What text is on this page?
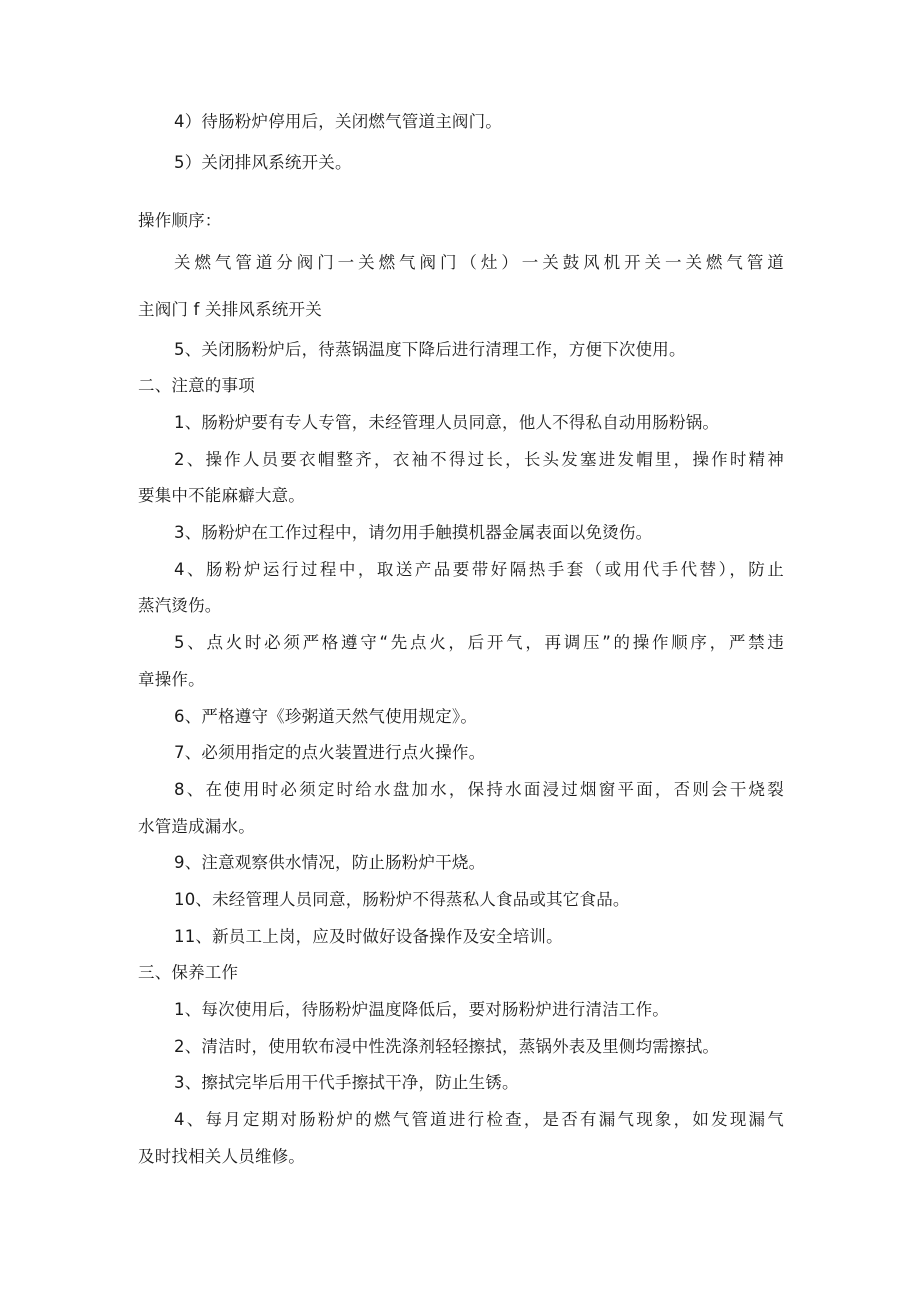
4）待肠粉炉停用后，关闭燃气管道主阀门。
5）关闭排风系统开关。
操作顺序：
关燃气管道分阀门一关燃气阀门（灶）一关鼓风机开关一关燃气管道
主阀门 f 关排风系统开关
5、关闭肠粉炉后，待蒸锅温度下降后进行清理工作，方便下次使用。
二、注意的事项
1、肠粉炉要有专人专管，未经管理人员同意，他人不得私自动用肠粉锅。
2、操作人员要衣帽整齐，衣袖不得过长，长头发塞进发帽里，操作时精神
要集中不能麻癖大意。
3、肠粉炉在工作过程中，请勿用手触摸机器金属表面以免烫伤。
4、肠粉炉运行过程中，取送产品要带好隔热手套（或用代手代替），防止
蒸汽烫伤。
5、点火时必须严格遵守“先点火，后开气，再调压”的操作顺序，严禁违
章操作。
6、严格遵守《珍粥道天然气使用规定》。
7、必须用指定的点火装置进行点火操作。
8、在使用时必须定时给水盘加水，保持水面浸过烟窗平面，否则会干烧裂
水管造成漏水。
9、注意观察供水情况，防止肠粉炉干烧。
10、未经管理人员同意，肠粉炉不得蒸私人食品或其它食品。
11、新员工上岗，应及时做好设备操作及安全培训。
三、保养工作
1、每次使用后，待肠粉炉温度降低后，要对肠粉炉进行清洁工作。
2、清洁时，使用软布浸中性洗涤剂轻轻擦拭，蒸锅外表及里侧均需擦拭。
3、擦拭完毕后用干代手擦拭干净，防止生锈。
4、每月定期对肠粉炉的燃气管道进行检查，是否有漏气现象，如发现漏气
及时找相关人员维修。
